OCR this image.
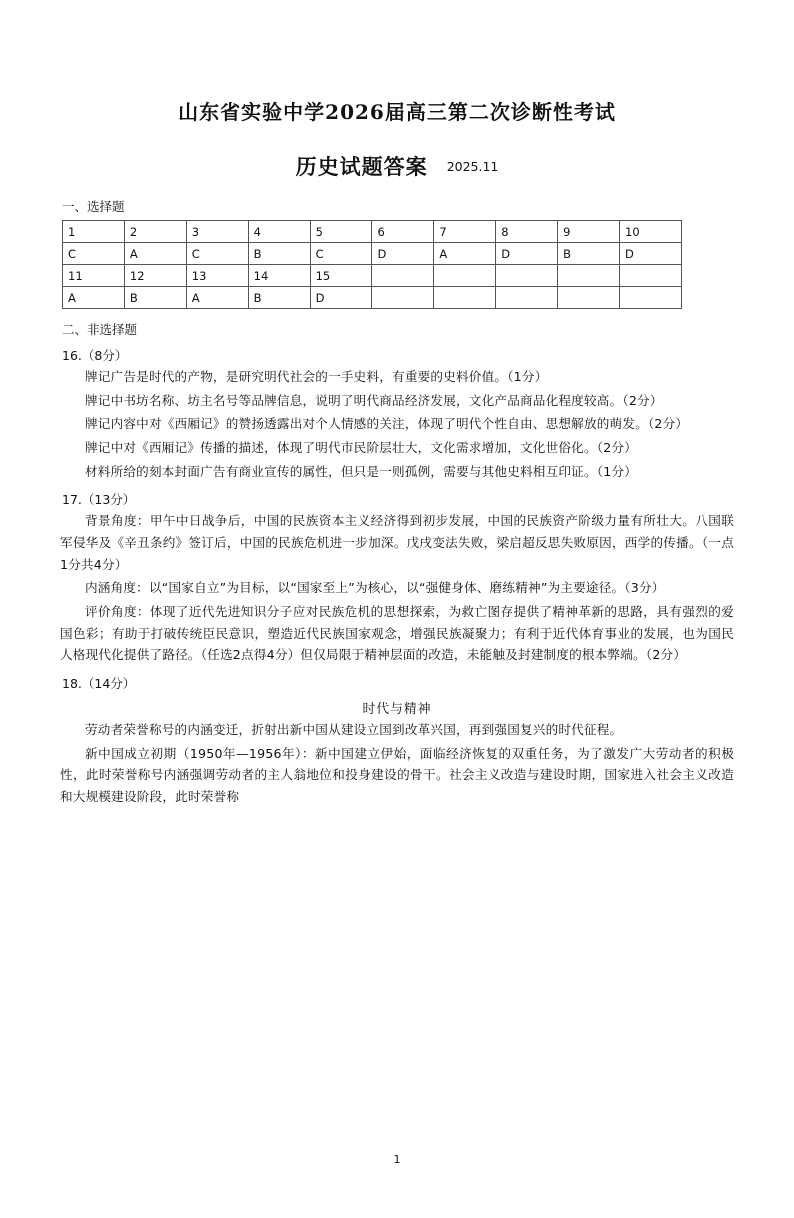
山东省实验中学2026届高三第二次诊断性考试
历史试题答案 2025.11
一、选择题
1	2	3	4	5	6	7	8	9	10
C	A	C	B	C	D	A	D	B	D
11	12	13	14	15					
A	B	A	B	D					
二、非选择题
16.（8分）

牌记广告是时代的产物，是研究明代社会的一手史料，有重要的史料价值。（1分）

牌记中书坊名称、坊主名号等品牌信息，说明了明代商品经济发展，文化产品商品化程度较高。（2分）

牌记内容中对《西厢记》的赞扬透露出对个人情感的关注，体现了明代个性自由、思想解放的萌发。（2分）

牌记中对《西厢记》传播的描述，体现了明代市民阶层壮大，文化需求增加，文化世俗化。（2分）

材料所给的刻本封面广告有商业宣传的属性，但只是一则孤例，需要与其他史料相互印证。（1分）

17.（13分）

背景角度：甲午中日战争后，中国的民族资本主义经济得到初步发展，中国的民族资产阶级力量有所壮大。八国联军侵华及《辛丑条约》签订后，中国的民族危机进一步加深。戊戌变法失败，梁启超反思失败原因，西学的传播。（一点1分共4分）

内涵角度：以“国家自立”为目标，以“国家至上”为核心，以“强健身体、磨练精神”为主要途径。（3分）

评价角度：体现了近代先进知识分子应对民族危机的思想探索，为救亡图存提供了精神革新的思路，具有强烈的爱国色彩；有助于打破传统臣民意识，塑造近代民族国家观念，增强民族凝聚力；有利于近代体育事业的发展，也为国民人格现代化提供了路径。（任选2点得4分）但仅局限于精神层面的改造，未能触及封建制度的根本弊端。（2分）

18.（14分）
时代与精神

劳动者荣誉称号的内涵变迁，折射出新中国从建设立国到改革兴国，再到强国复兴的时代征程。

新中国成立初期（1950年—1956年）：新中国建立伊始，面临经济恢复的双重任务，为了激发广大劳动者的积极性，此时荣誉称号内涵强调劳动者的主人翁地位和投身建设的骨干。社会主义改造与建设时期，国家进入社会主义改造和大规模建设阶段，此时荣誉称

1
